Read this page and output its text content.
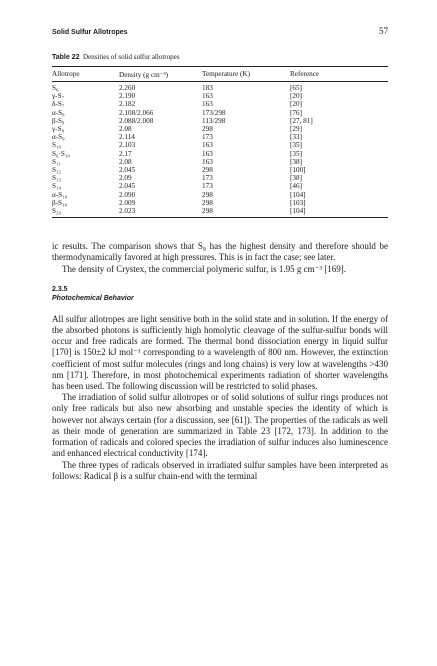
Solid Sulfur Allotropes	57
Table 22 Densities of solid sulfur allotropes
Allotrope	Density (g cm⁻³)	Temperature (K)	Reference
S₆	2.260	183	[65]
γ-S₇	2.190	163	[20]
δ-S₇	2.182	163	[20]
α-S₈	2.108/2.066	173/298	[76]
β-S₈	2.088/2.008	113/298	[27, 81]
γ-S₈	2.08	298	[29]
α-S₉	2.114	173	[33]
S₁₀	2.103	163	[35]
S₆·S₁₀	2.17	163	[35]
S₁₁	2.08	163	[38]
S₁₂	2.045	298	[100]
S₁₃	2.09	173	[38]
S₁₄	2.045	173	[46]
α-S₁₈	2.090	298	[104]
β-S₁₈	2.009	298	[103]
S₂₀	2.023	298	[104]

ic results. The comparison shows that S₈ has the highest density and therefore should be thermodynamically favored at high pressures. This is in fact the case; see later.

The density of Crystex, the commercial polymeric sulfur, is 1.95 g cm⁻³ [169].

2.3.5
Photochemical Behavior

All sulfur allotropes are light sensitive both in the solid state and in solution. If the energy of the absorbed photons is sufficiently high homolytic cleavage of the sulfur-sulfur bonds will occur and free radicals are formed. The thermal bond dissociation energy in liquid sulfur [170] is 150±2 kJ mol⁻¹ corresponding to a wavelength of 800 nm. However, the extinction coefficient of most sulfur molecules (rings and long chains) is very low at wavelengths >430 nm [171]. Therefore, in most photochemical experiments radiation of shorter wavelengths has been used. The following discussion will be restricted to solid phases.

The irradiation of solid sulfur allotropes or of solid solutions of sulfur rings produces not only free radicals but also new absorbing and unstable species the identity of which is however not always certain (for a discussion, see [61]). The properties of the radicals as well as their mode of generation are summarized in Table 23 [172, 173]. In addition to the formation of radicals and colored species the irradiation of sulfur induces also luminescence and enhanced electrical conductivity [174].

The three types of radicals observed in irradiated sulfur samples have been interpreted as follows: Radical β is a sulfur chain-end with the terminal
